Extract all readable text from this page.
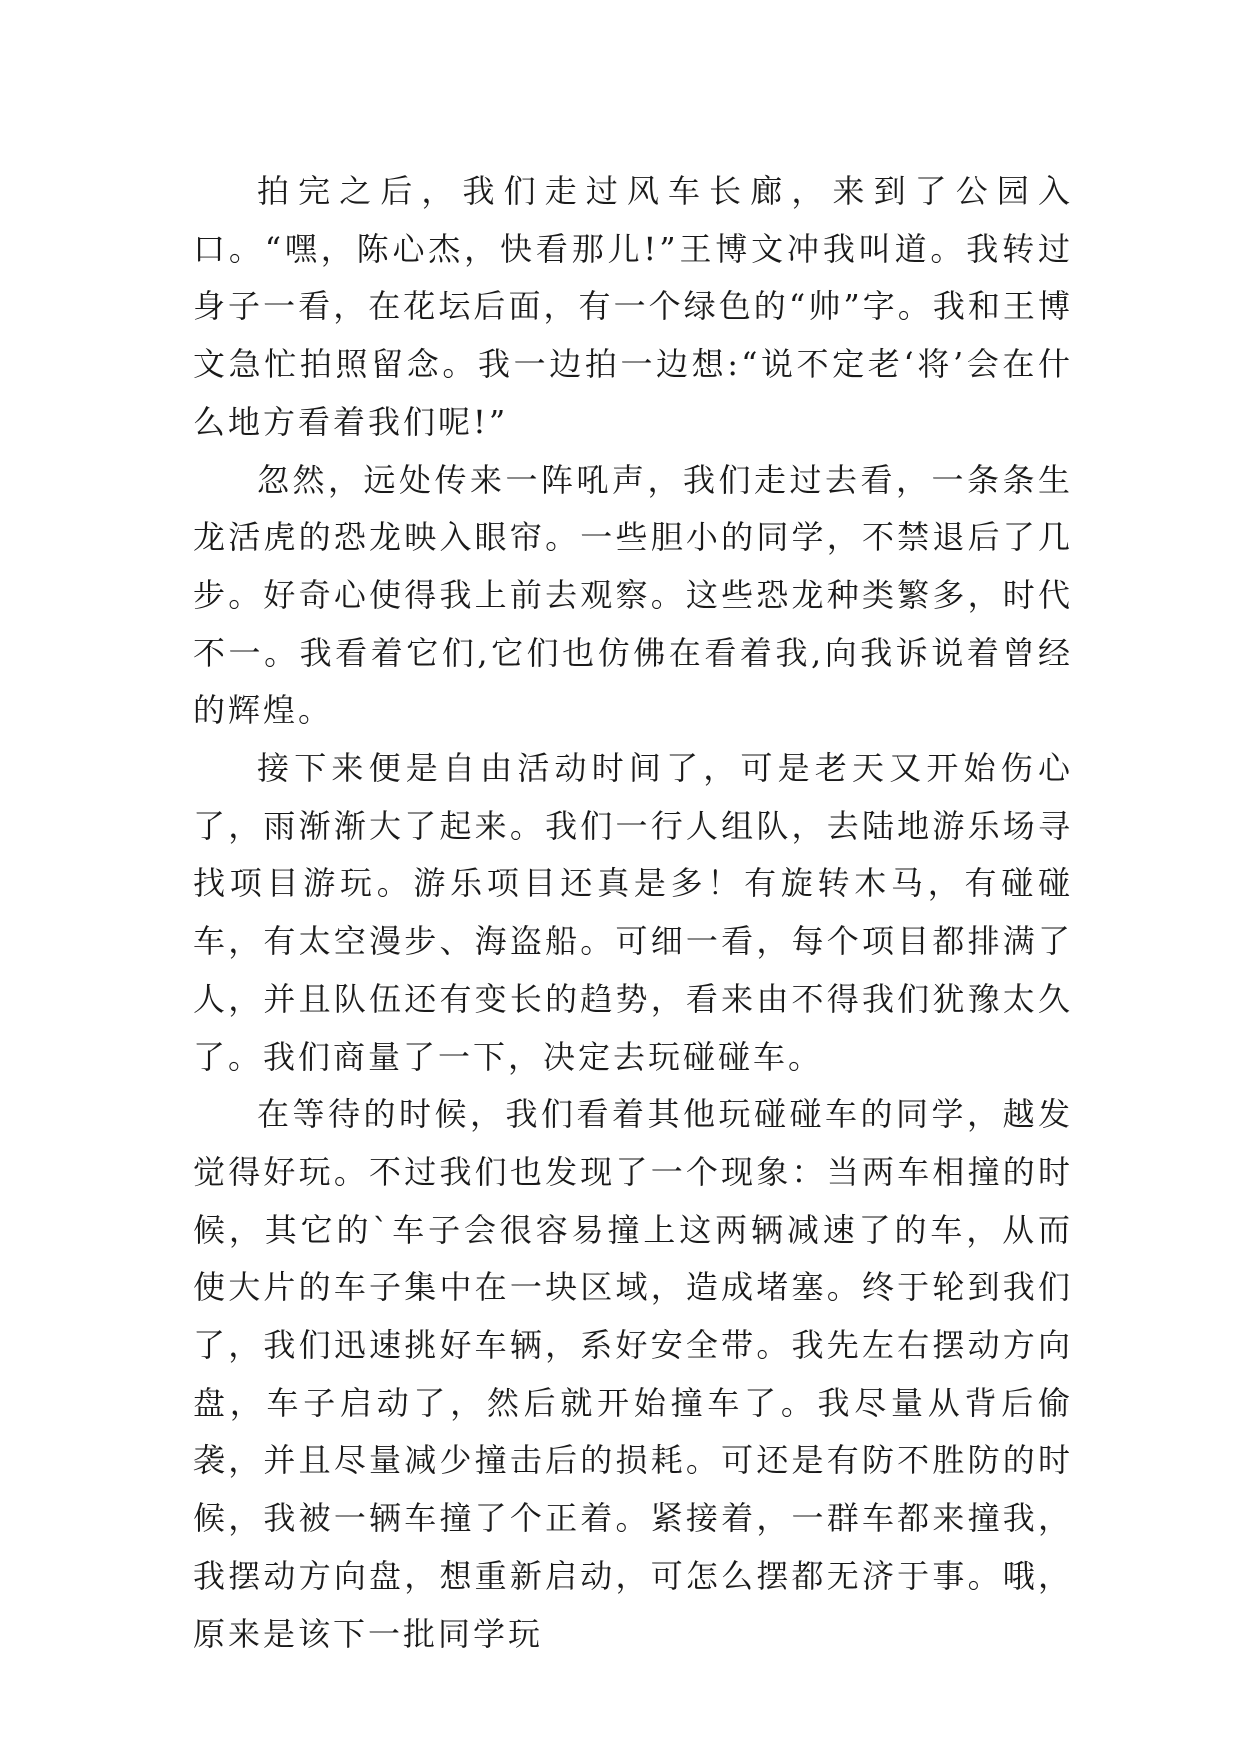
拍完之后，我们走过风车长廊，来到了公园入口。“嘿，陈心杰，快看那儿!”王博文冲我叫道。我转过身子一看，在花坛后面，有一个绿色的“帅”字。我和王博文急忙拍照留念。我一边拍一边想:“说不定老‘将’会在什么地方看着我们呢!”

忽然，远处传来一阵吼声，我们走过去看，一条条生龙活虎的恐龙映入眼帘。一些胆小的同学，不禁退后了几步。好奇心使得我上前去观察。这些恐龙种类繁多，时代不一。我看着它们,它们也仿佛在看着我,向我诉说着曾经的辉煌。

接下来便是自由活动时间了，可是老天又开始伤心了，雨渐渐大了起来。我们一行人组队，去陆地游乐场寻找项目游玩。游乐项目还真是多！有旋转木马，有碰碰车，有太空漫步、海盗船。可细一看，每个项目都排满了人，并且队伍还有变长的趋势，看来由不得我们犹豫太久了。我们商量了一下，决定去玩碰碰车。

在等待的时候，我们看着其他玩碰碰车的同学，越发觉得好玩。不过我们也发现了一个现象：当两车相撞的时候，其它的`车子会很容易撞上这两辆减速了的车，从而使大片的车子集中在一块区域，造成堵塞。终于轮到我们了，我们迅速挑好车辆，系好安全带。我先左右摆动方向盘，车子启动了，然后就开始撞车了。我尽量从背后偷袭，并且尽量减少撞击后的损耗。可还是有防不胜防的时候，我被一辆车撞了个正着。紧接着，一群车都来撞我，我摆动方向盘，想重新启动，可怎么摆都无济于事。哦，原来是该下一批同学玩
